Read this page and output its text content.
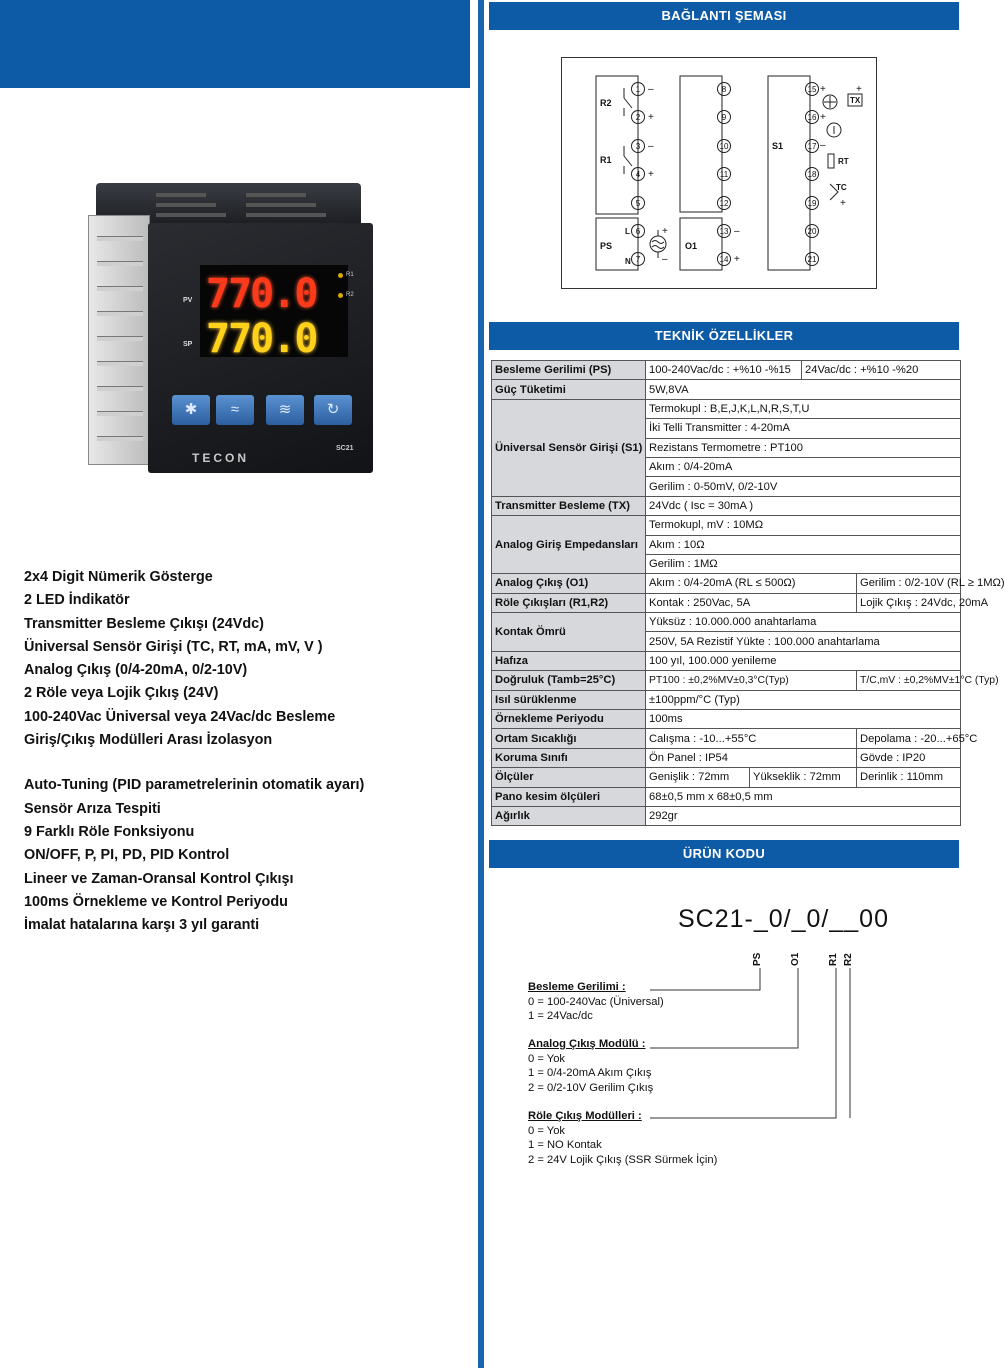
PV
SP
770.0
770.0
R1
R2
✱	≈	≋	↻
TECON
SC21
2x4 Digit Nümerik Gösterge
2 LED İndikatör
Transmitter Besleme Çıkışı (24Vdc)
Üniversal Sensör Girişi (TC, RT, mA, mV, V )
Analog Çıkış (0/4-20mA, 0/2-10V)
2 Röle veya Lojik Çıkış (24V)
100-240Vac Üniversal veya 24Vac/dc Besleme
Giriş/Çıkış Modülleri Arası İzolasyon
Auto-Tuning (PID parametrelerinin otomatik ayarı)
Sensör Arıza Tespiti
9 Farklı Röle Fonksiyonu
ON/OFF, P, PI, PD, PID Kontrol
Lineer ve Zaman-Oransal Kontrol Çıkışı
100ms Örnekleme ve Kontrol Periyodu
İmalat hatalarına karşı 3 yıl garanti
BAĞLANTI ŞEMASI
TEKNİK ÖZELLİKLER
ÜRÜN KODU
1
2
3
4
5
6
7
8
9
10
11
12
13
14
15
16
17
18
19
20
21
R2
R1
PS	O1
S1
L
N
TX
RT
TC
–
+
–
+
+
–
–
+
+	+
+
–
+
Besleme Gerilimi (PS)	100-240Vac/dc : +%10 -%15		24Vac/dc : +%10 -%20	
Güç Tüketimi	5W,8VA			
Üniversal Sensör Girişi (S1)	Termokupl : B,E,J,K,L,N,R,S,T,U			
	İki Telli Transmitter : 4-20mA			
	Rezistans Termometre : PT100			
	Akım : 0/4-20mA			
	Gerilim : 0-50mV, 0/2-10V			
Transmitter Besleme (TX)	24Vdc ( Isc = 30mA )			
Analog Giriş Empedansları	Termokupl, mV : 10MΩ			
	Akım : 10Ω			
	Gerilim : 1MΩ			
Analog Çıkış (O1)	Akım : 0/4-20mA (RL ≤ 500Ω)			Gerilim : 0/2-10V (RL ≥ 1MΩ)
Röle Çıkışları (R1,R2)	Kontak : 250Vac, 5A			Lojik Çıkış : 24Vdc, 20mA
Kontak Ömrü	Yüksüz : 10.000.000 anahtarlama			
	250V, 5A Rezistif Yükte : 100.000 anahtarlama			
Hafıza	100 yıl, 100.000 yenileme			
Doğruluk (Tamb=25°C)	PT100 : ±0,2%MV±0,3°C(Typ)			T/C,mV : ±0,2%MV±1°C (Typ)
Isıl sürüklenme	±100ppm/°C (Typ)			
Örnekleme Periyodu	100ms			
Ortam Sıcaklığı	Calışma : -10...+55°C			Depolama : -20...+65°C
Koruma Sınıfı	Ön Panel : IP54			Gövde : IP20
Ölçüler	Genişlik : 72mm	Yükseklik : 72mm		Derinlik : 110mm
Pano kesim ölçüleri	68±0,5 mm x 68±0,5 mm			
Ağırlık	292gr			
SC21-_0/_0/__00
PS	O1	R1 R2
Besleme Gerilimi :
0 = 100-240Vac (Üniversal)
1 = 24Vac/dc
Analog Çıkış Modülü :
0 = Yok
1 = 0/4-20mA Akım Çıkış
2 = 0/2-10V Gerilim Çıkış
Röle Çıkış Modülleri :
0 = Yok
1 = NO Kontak
2 = 24V Lojik Çıkış (SSR Sürmek İçin)
